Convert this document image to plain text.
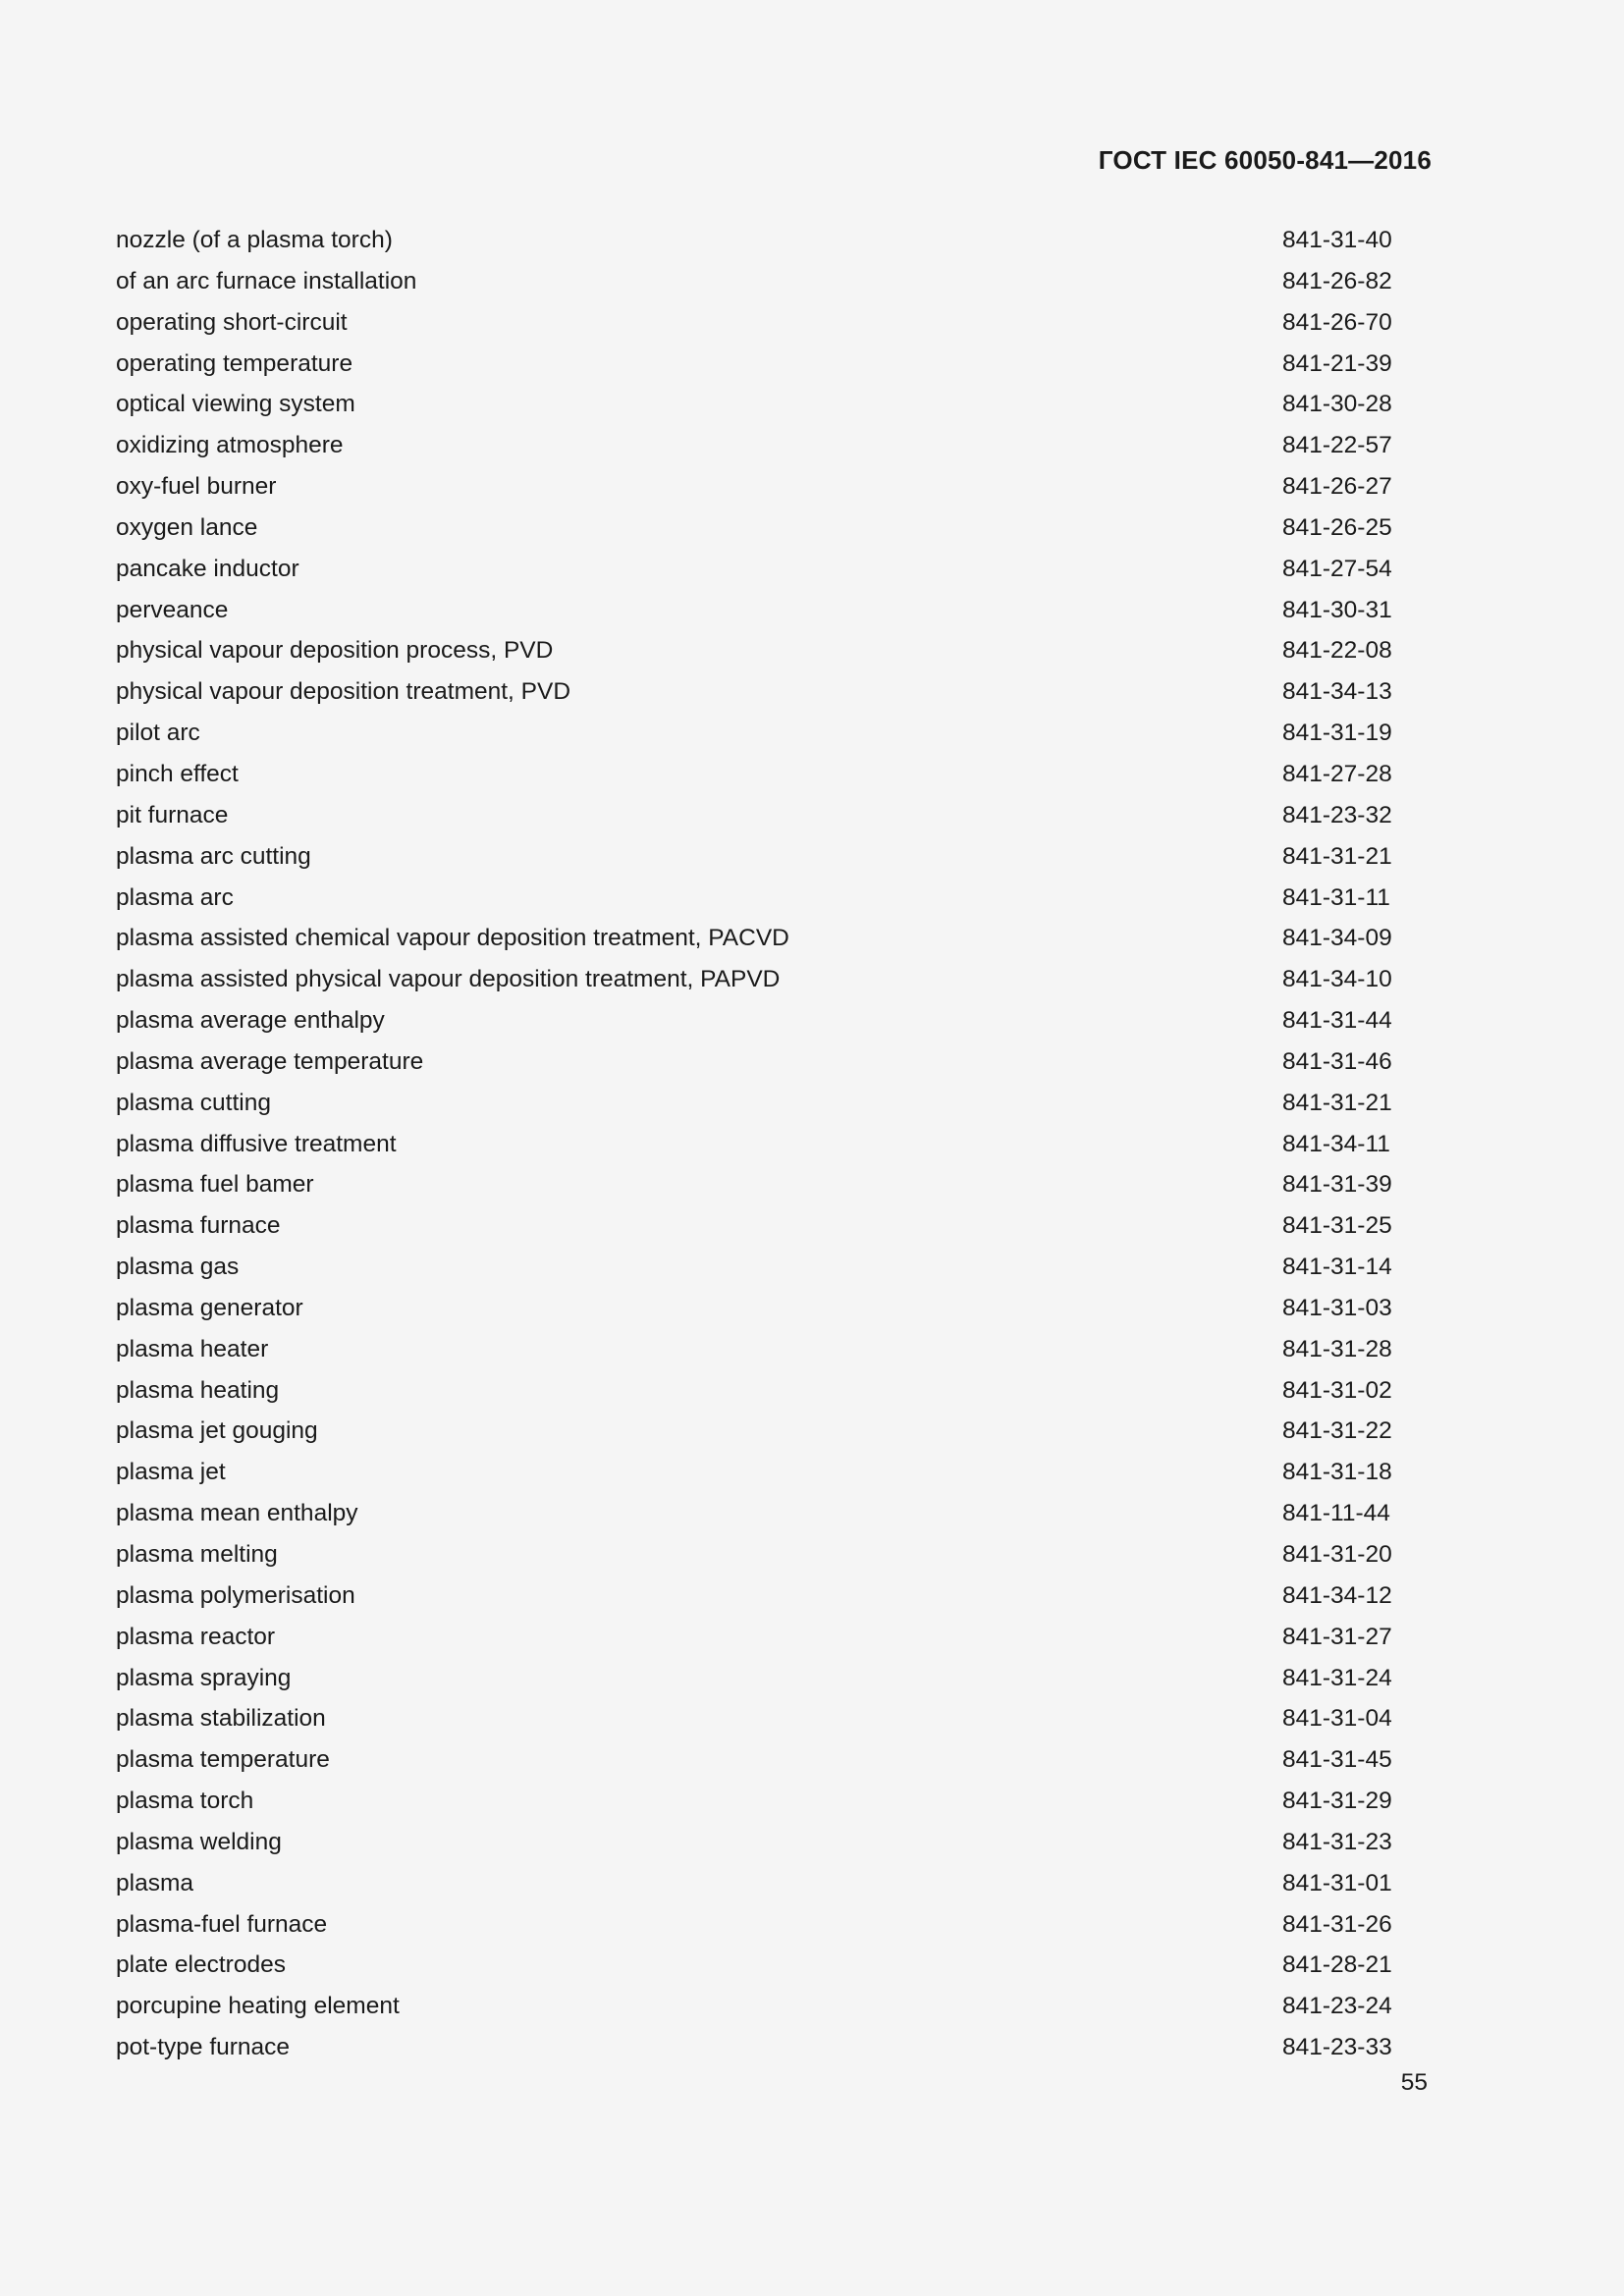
ГОСТ IEC 60050-841—2016
nozzle (of a plasma torch)	841-31-40
of an arc furnace installation	841-26-82
operating short-circuit	841-26-70
operating temperature	841-21-39
optical viewing system	841-30-28
oxidizing atmosphere	841-22-57
oxy-fuel burner	841-26-27
oxygen lance	841-26-25
pancake inductor	841-27-54
perveance	841-30-31
physical vapour deposition process, PVD	841-22-08
physical vapour deposition treatment, PVD	841-34-13
pilot arc	841-31-19
pinch effect	841-27-28
pit furnace	841-23-32
plasma arc cutting	841-31-21
plasma arc	841-31-11
plasma assisted chemical vapour deposition treatment, PACVD	841-34-09
plasma assisted physical vapour deposition treatment, PAPVD	841-34-10
plasma average enthalpy	841-31-44
plasma average temperature	841-31-46
plasma cutting	841-31-21
plasma diffusive treatment	841-34-11
plasma fuel bamer	841-31-39
plasma furnace	841-31-25
plasma gas	841-31-14
plasma generator	841-31-03
plasma heater	841-31-28
plasma heating	841-31-02
plasma jet gouging	841-31-22
plasma jet	841-31-18
plasma mean enthalpy	841-11-44
plasma melting	841-31-20
plasma polymerisation	841-34-12
plasma reactor	841-31-27
plasma spraying	841-31-24
plasma stabilization	841-31-04
plasma temperature	841-31-45
plasma torch	841-31-29
plasma welding	841-31-23
plasma	841-31-01
plasma-fuel furnace	841-31-26
plate electrodes	841-28-21
porcupine heating element	841-23-24
pot-type furnace	841-23-33
55
